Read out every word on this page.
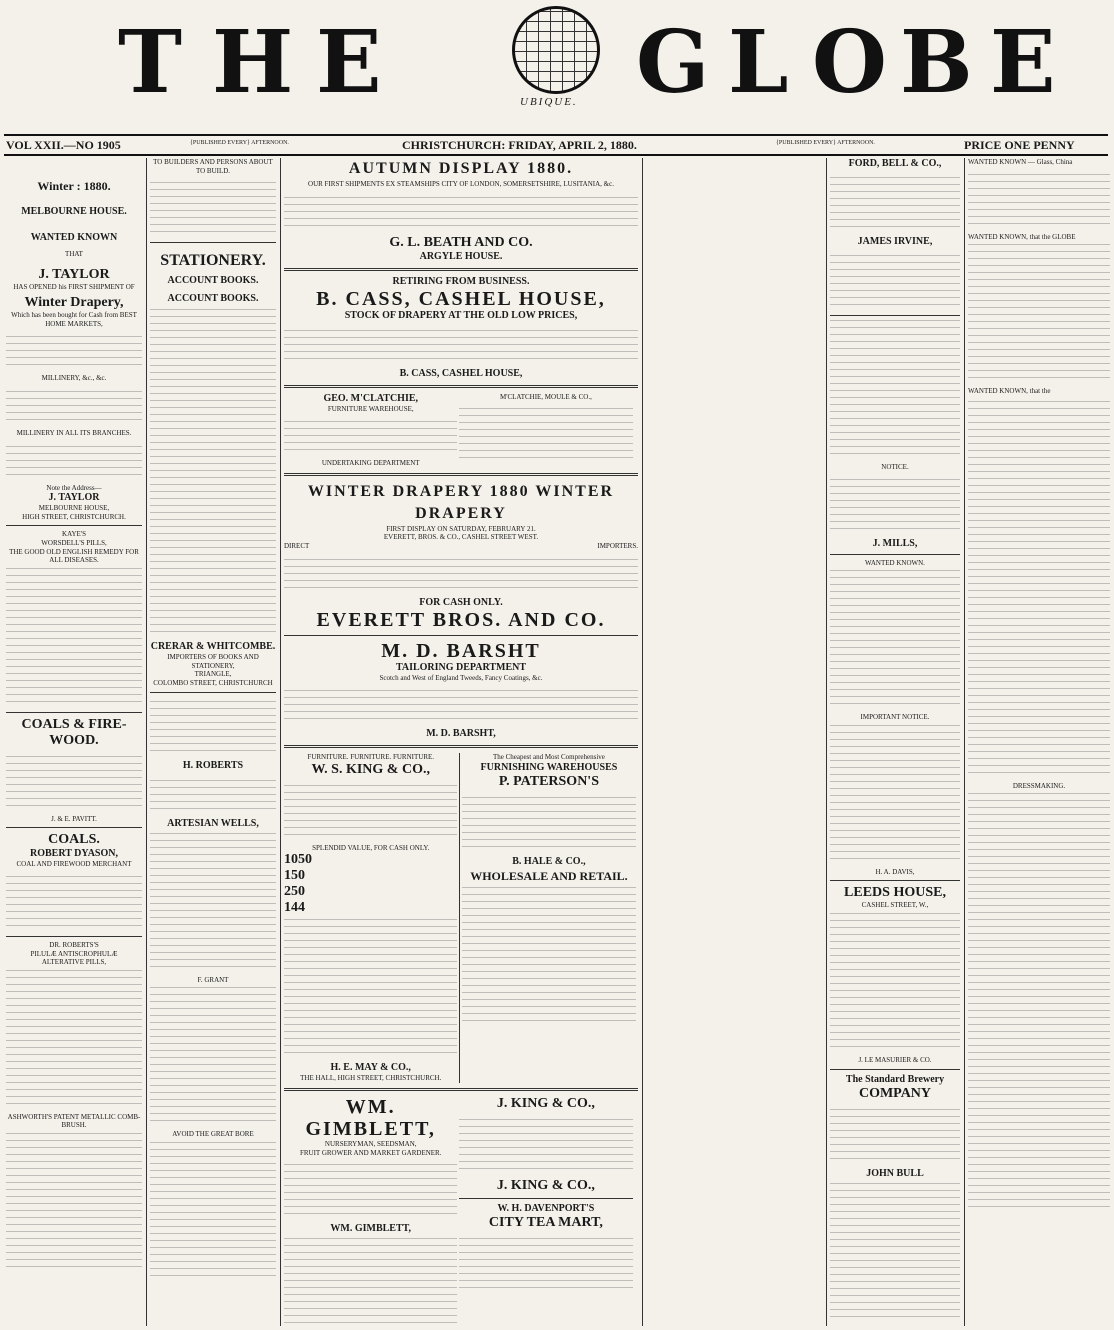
T H E	G L O B E
UBIQUE.
VOL XXII.—NO 1905	{PUBLISHED EVERY} AFTERNOON.	CHRISTCHURCH: FRIDAY, APRIL 2, 1880.	{PUBLISHED EVERY} AFTERNOON.	PRICE ONE PENNY
Winter : 1880.
MELBOURNE HOUSE.
WANTED KNOWN
THAT
J. TAYLOR
HAS OPENED his FIRST SHIPMENT OF
Winter Drapery,
Which has been bought for Cash from BEST HOME MARKETS,
MILLINERY, &c., &c.
MILLINERY IN ALL ITS BRANCHES.
Note the Address—
J. TAYLOR
MELBOURNE HOUSE,
HIGH STREET, CHRISTCHURCH.
KAYE'S
WORSDELL'S PILLS,
THE GOOD OLD ENGLISH REMEDY FOR ALL DISEASES.
COALS & FIRE-WOOD.
J. & E. PAVITT.
COALS.
ROBERT DYASON,
COAL AND FIREWOOD MERCHANT
DR. ROBERTS'S
PILULÆ ANTISCROPHULÆ
ALTERATIVE PILLS,
ASHWORTH'S PATENT METALLIC COMB-BRUSH.
TO BUILDERS AND PERSONS ABOUT TO BUILD.
STATIONERY.
ACCOUNT BOOKS.
ACCOUNT BOOKS.
CRERAR & WHITCOMBE.
IMPORTERS OF BOOKS AND STATIONERY,
TRIANGLE,
COLOMBO STREET, CHRISTCHURCH
H. ROBERTS
ARTESIAN WELLS,
F. GRANT
AVOID THE GREAT BORE
AUTUMN DISPLAY 1880.
OUR FIRST SHIPMENTS EX STEAMSHIPS CITY OF LONDON, SOMERSETSHIRE, LUSITANIA, &c.
G. L. BEATH AND CO.
ARGYLE HOUSE.
RETIRING FROM BUSINESS.
B. CASS, CASHEL HOUSE,
STOCK OF DRAPERY AT THE OLD LOW PRICES,
B. CASS, CASHEL HOUSE,
GEO. M'CLATCHIE,
FURNITURE WAREHOUSE,
UNDERTAKING DEPARTMENT

M'CLATCHIE, MOULE & CO.,
WINTER DRAPERY 1880 WINTER DRAPERY
FIRST DISPLAY ON SATURDAY, FEBRUARY 21.
EVERETT, BROS. & CO., CASHEL STREET WEST.
DIRECT	IMPORTERS.
FOR CASH ONLY.
EVERETT BROS. AND CO.
M. D. BARSHT
TAILORING DEPARTMENT
Scotch and West of England Tweeds, Fancy Coatings, &c.
M. D. BARSHT,
FURNITURE. FURNITURE. FURNITURE.
W. S. KING & CO.,
SPLENDID VALUE, FOR CASH ONLY.
1050
150
250
144
H. E. MAY & CO.,
THE HALL, HIGH STREET, CHRISTCHURCH.

The Cheapest and Most Comprehensive
FURNISHING WAREHOUSES
P. PATERSON'S
B. HALE & CO.,
WHOLESALE AND RETAIL.
WM. GIMBLETT,
NURSERYMAN, SEEDSMAN,
FRUIT GROWER AND MARKET GARDENER.
WM. GIMBLETT,

J. KING & CO.,
J. KING & CO.,
W. H. DAVENPORT'S
CITY TEA MART,
FORD, BELL & CO.,
JAMES IRVINE,
NOTICE.
J. MILLS,
WANTED KNOWN.
IMPORTANT NOTICE.
H. A. DAVIS,
LEEDS HOUSE,
CASHEL STREET, W.,
J. LE MASURIER & CO.
The Standard Brewery
COMPANY
JOHN BULL
WANTED KNOWN — Glass, China
WANTED KNOWN, that the GLOBE
WANTED KNOWN, that the
DRESSMAKING.
